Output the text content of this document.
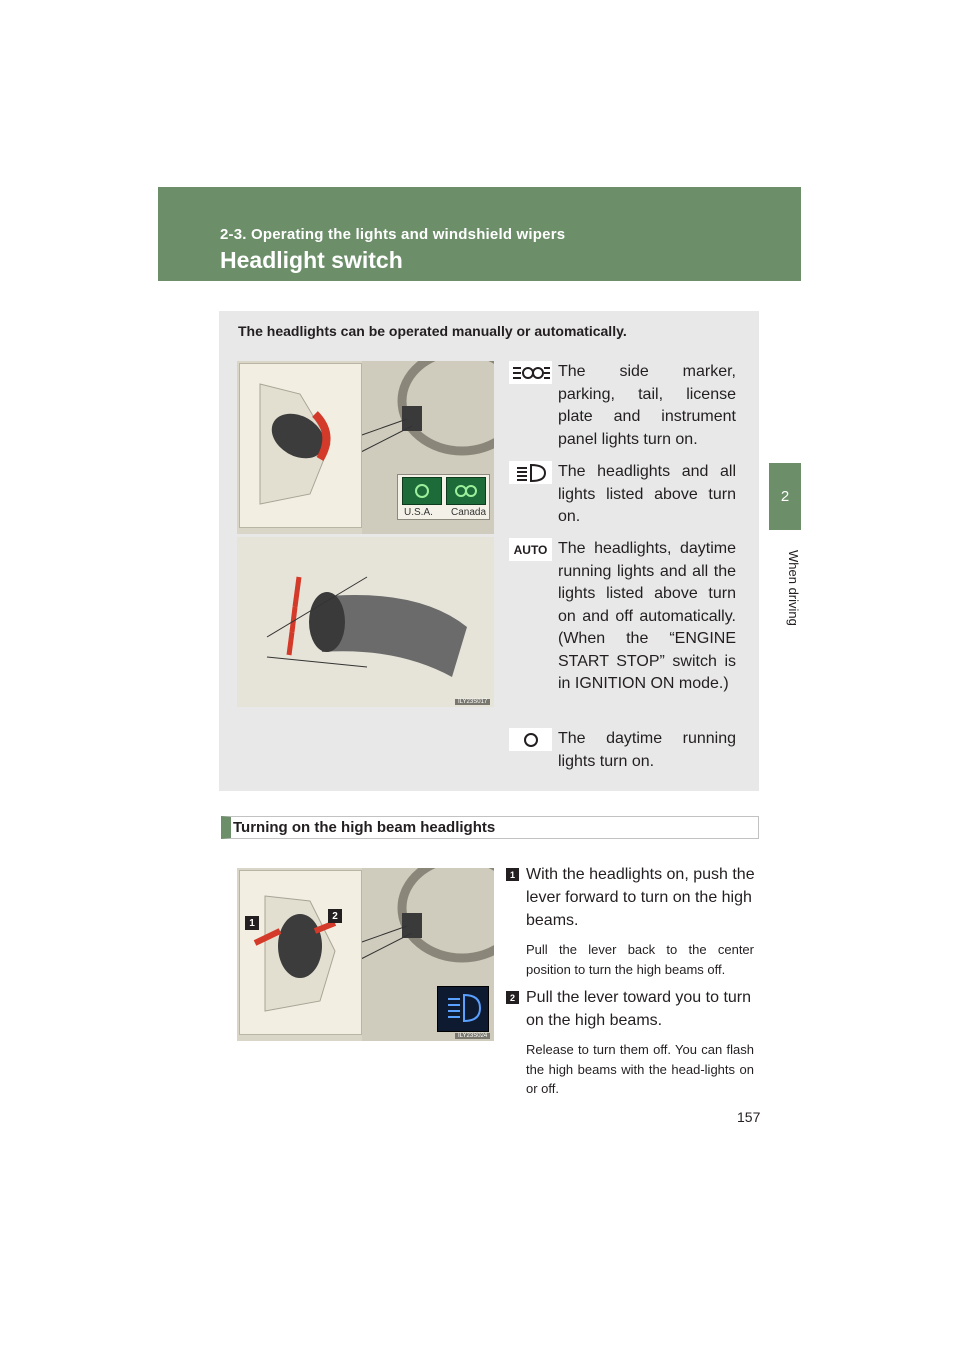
2-3. Operating the lights and windshield wipers
Headlight switch
2
When driving
The headlights can be operated manually or automatically.
U.S.A. Canada
ILY23S017
The side marker, parking, tail, license plate and instrument panel lights turn on.
The headlights and all lights listed above turn on.
AUTO The headlights, daytime running lights and all the lights listed above turn on and off automatically. (When the “ENGINE START STOP” switch is in IGNITION ON mode.)
The daytime running lights turn on.
Turning on the high beam headlights
1
2
ILY23S024
1 With the headlights on, push the lever forward to turn on the high beams.
Pull the lever back to the center position to turn the high beams off.
2 Pull the lever toward you to turn on the high beams.
Release to turn them off. You can flash the high beams with the head-lights on or off.
157
